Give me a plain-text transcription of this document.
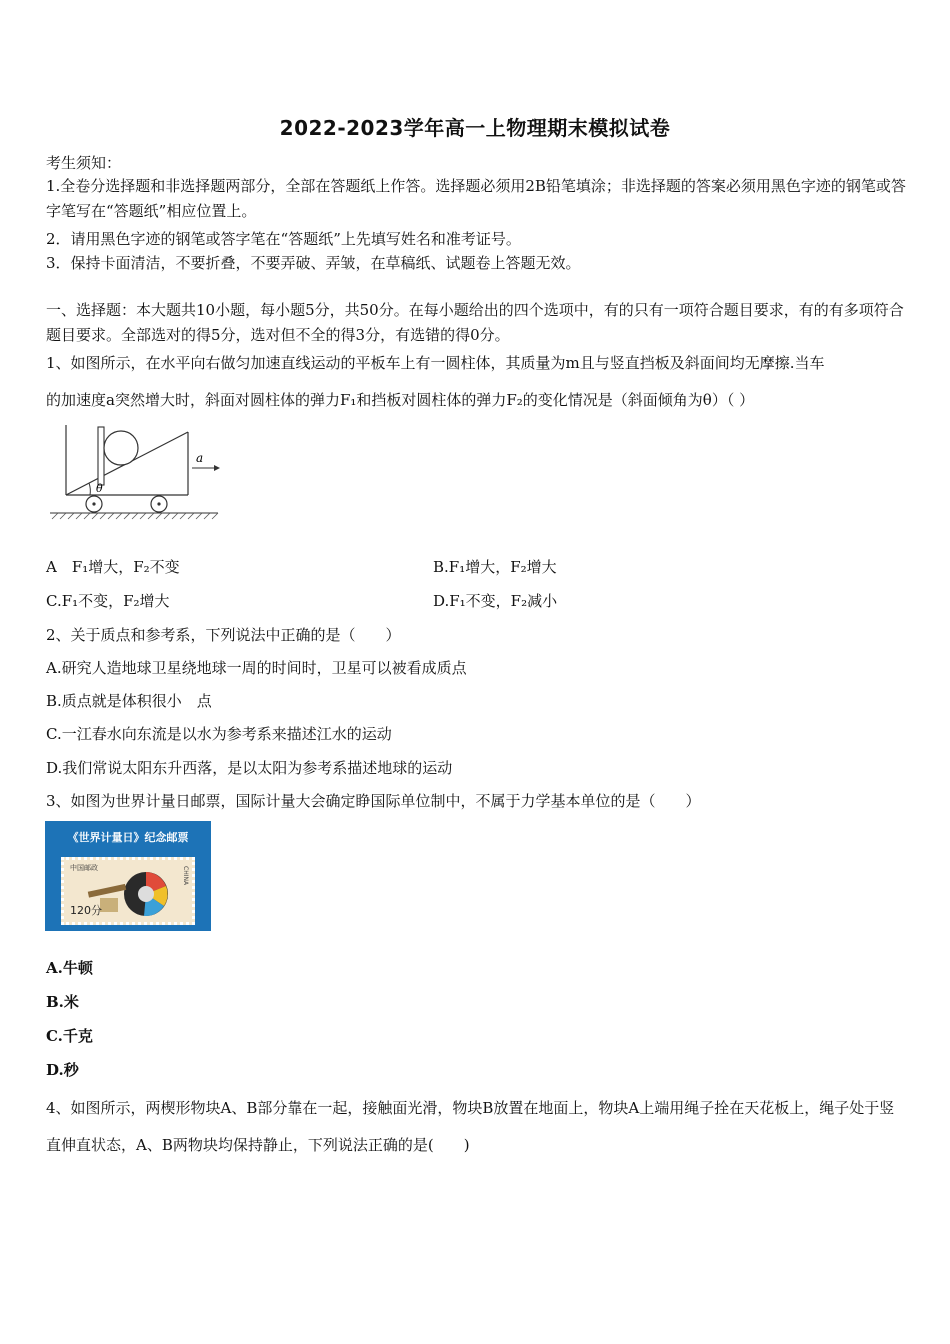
2022-2023学年高一上物理期末模拟试卷
考生须知：
1.全卷分选择题和非选择题两部分，全部在答题纸上作答。选择题必须用2B铅笔填涂；非选择题的答案必须用黑色字迹的钢笔或答字笔写在“答题纸”相应位置上。
2．请用黑色字迹的钢笔或答字笔在“答题纸”上先填写姓名和准考证号。
3．保持卡面清洁，不要折叠，不要弄破、弄皱，在草稿纸、试题卷上答题无效。
一、选择题：本大题共10小题，每小题5分，共50分。在每小题给出的四个选项中，有的只有一项符合题目要求，有的有多项符合题目要求。全部选对的得5分，选对但不全的得3分，有选错的得0分。
1、如图所示，在水平向右做匀加速直线运动的平板车上有一圆柱体，其质量为m且与竖直挡板及斜面间均无摩擦.当车
的加速度a突然增大时，斜面对圆柱体的弹力F₁和挡板对圆柱体的弹力F₂的变化情况是（斜面倾角为θ）（ ）
θ
a
A　F₁增大，F₂不变	B.F₁增大，F₂增大
C.F₁不变，F₂增大	D.F₁不变，F₂减小
2、关于质点和参考系，下列说法中正确的是（　　）
A.研究人造地球卫星绕地球一周的时间时，卫星可以被看成质点
B.质点就是体积很小　点
C.一江春水向东流是以水为参考系来描述江水的运动
D.我们常说太阳东升西落，是以太阳为参考系描述地球的运动
3、如图为世界计量日邮票，国际计量大会确定睁国际单位制中，不属于力学基本单位的是（　　）
《世界计量日》纪念邮票
中国邮政
120分
CHINA
A.牛顿
B.米
C.千克
D.秒
4、如图所示，两楔形物块A、B部分靠在一起，接触面光滑，物块B放置在地面上，物块A上端用绳子拴在天花板上，绳子处于竖直伸直状态，A、B两物块均保持静止，下列说法正确的是(　　)
